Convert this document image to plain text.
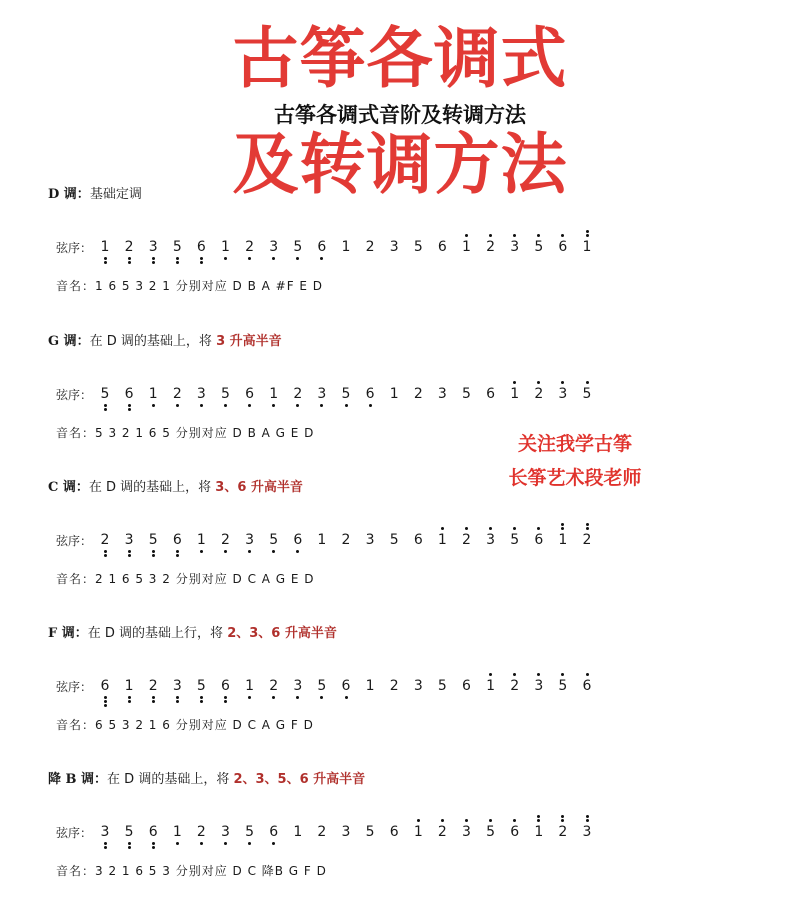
古筝各调式
古筝各调式音阶及转调方法
及转调方法
D 调：基础定调
弦序： 1	2	3	5	6	1	2	3	5	6	1	2	3	5	6	1	2	3	5	6	1
音名：1 6 5 3 2 1 分别对应 D B A #F E D
G 调：在 D 调的基础上，将 3 升高半音
弦序： 5	6	1	2	3	5	6	1	2	3	5	6	1	2	3	5	6	1	2	3	5
音名：5 3 2 1 6 5 分别对应 D B A G E D
C 调：在 D 调的基础上，将 3、6 升高半音
弦序： 2	3	5	6	1	2	3	5	6	1	2	3	5	6	1	2	3	5	6	1	2
音名：2 1 6 5 3 2 分别对应 D C A G E D
F 调：在 D 调的基础上行，将 2、3、6 升高半音
弦序： 6	1	2	3	5	6	1	2	3	5	6	1	2	3	5	6	1	2	3	5	6
音名：6 5 3 2 1 6 分别对应 D C A G F D
降 B 调：在 D 调的基础上，将 2、3、5、6 升高半音
弦序： 3	5	6	1	2	3	5	6	1	2	3	5	6	1	2	3	5	6	1	2	3
音名：3 2 1 6 5 3 分别对应 D C 降B G F D
关注我学古筝
长筝艺术段老师
